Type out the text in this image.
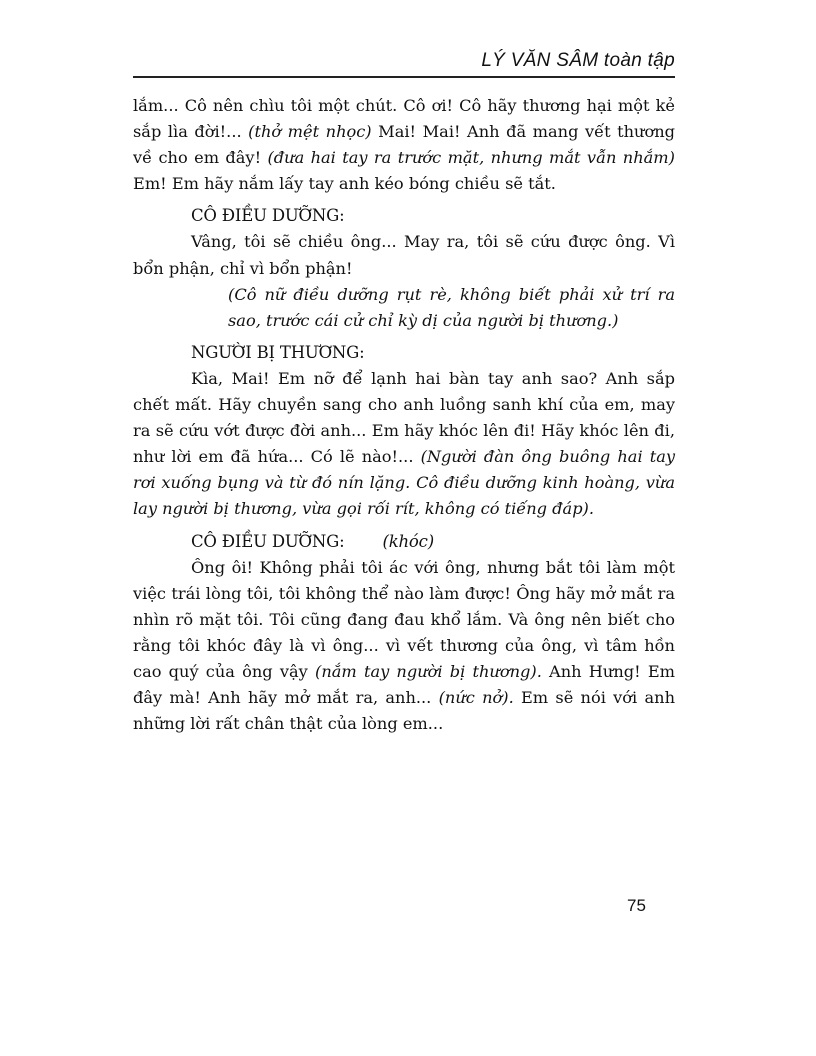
LÝ VĂN SÂM toàn tập

lắm... Cô nên chìu tôi một chút. Cô ơi! Cô hãy thương hại một kẻ sắp lìa đời!... (thở mệt nhọc) Mai! Mai! Anh đã mang vết thương về cho em đây! (đưa hai tay ra trước mặt, nhưng mắt vẫn nhắm) Em! Em hãy nắm lấy tay anh kéo bóng chiều sẽ tắt.

CÔ ĐIỀU DƯỠNG:

Vâng, tôi sẽ chiều ông... May ra, tôi sẽ cứu được ông. Vì bổn phận, chỉ vì bổn phận!

(Cô nữ điều dưỡng rụt rè, không biết phải xử trí ra sao, trước cái cử chỉ kỳ dị của người bị thương.)

NGƯỜI BỊ THƯƠNG:

Kìa, Mai! Em nỡ để lạnh hai bàn tay anh sao? Anh sắp chết mất. Hãy chuyền sang cho anh luồng sanh khí của em, may ra sẽ cứu vớt được đời anh... Em hãy khóc lên đi! Hãy khóc lên đi, như lời em đã hứa... Có lẽ nào!... (Người đàn ông buông hai tay rơi xuống bụng và từ đó nín lặng. Cô điều dưỡng kinh hoàng, vừa lay người bị thương, vừa gọi rối rít, không có tiếng đáp).

CÔ ĐIỀU DƯỠNG: (khóc)

Ông ôi! Không phải tôi ác với ông, nhưng bắt tôi làm một việc trái lòng tôi, tôi không thể nào làm được! Ông hãy mở mắt ra nhìn rõ mặt tôi. Tôi cũng đang đau khổ lắm. Và ông nên biết cho rằng tôi khóc đây là vì ông... vì vết thương của ông, vì tâm hồn cao quý của ông vậy (nắm tay người bị thương). Anh Hưng! Em đây mà! Anh hãy mở mắt ra, anh... (nức nở). Em sẽ nói với anh những lời rất chân thật của lòng em...

75
